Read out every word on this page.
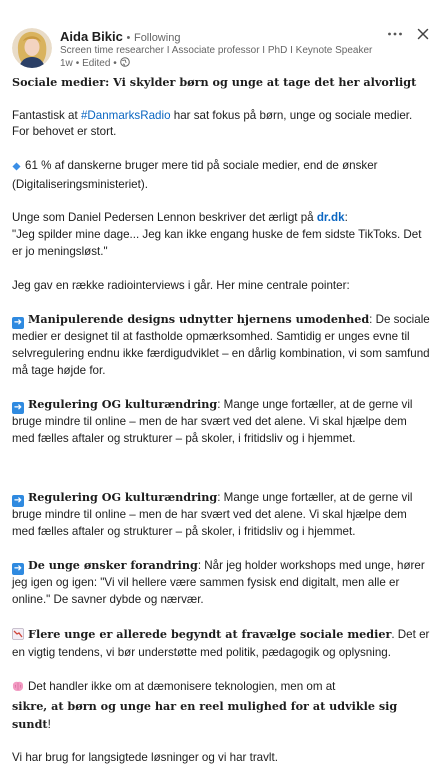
Aida Bikic • Following
Screen time researcher I Associate professor I PhD I Keynote Speaker
1w • Edited •

Sociale medier: Vi skylder børn og unge at tage det her alvorligt

Fantastisk at #DanmarksRadio har sat fokus på børn, unge og sociale medier. For behovet er stort.

61 % af danskerne bruger mere tid på sociale medier, end de ønsker (Digitaliseringsministeriet).

Unge som Daniel Pedersen Lennon beskriver det ærligt på dr.dk:
"Jeg spilder mine dage... Jeg kan ikke engang huske de fem sidste TikToks. Det er jo meningsløst."

Jeg gav en række radiointerviews i går. Her mine centrale pointer:

➜ Manipulerende designs udnytter hjernens umodenhed: De sociale medier er designet til at fastholde opmærksomhed. Samtidig er unges evne til selvregulering endnu ikke færdigudviklet – en dårlig kombination, vi som samfund må tage højde for.

➜ Regulering OG kulturændring: Mange unge fortæller, at de gerne vil bruge mindre til online – men de har svært ved det alene. Vi skal hjælpe dem med fælles aftaler og strukturer – på skoler, i fritidsliv og i hjemmet.

➜ Regulering OG kulturændring: Mange unge fortæller, at de gerne vil bruge mindre til online – men de har svært ved det alene. Vi skal hjælpe dem med fælles aftaler og strukturer – på skoler, i fritidsliv og i hjemmet.

➜ De unge ønsker forandring: Når jeg holder workshops med unge, hører jeg igen og igen: "Vi vil hellere være sammen fysisk end digitalt, men alle er online." De savner dybde og nærvær.

Flere unge er allerede begyndt at fravælge sociale medier. Det er en vigtig tendens, vi bør understøtte med politik, pædagogik og oplysning.

Det handler ikke om at dæmonisere teknologien, men om at
sikre, at børn og unge har en reel mulighed for at udvikle sig sundt!

Vi har brug for langsigtede løsninger og vi har travlt.
